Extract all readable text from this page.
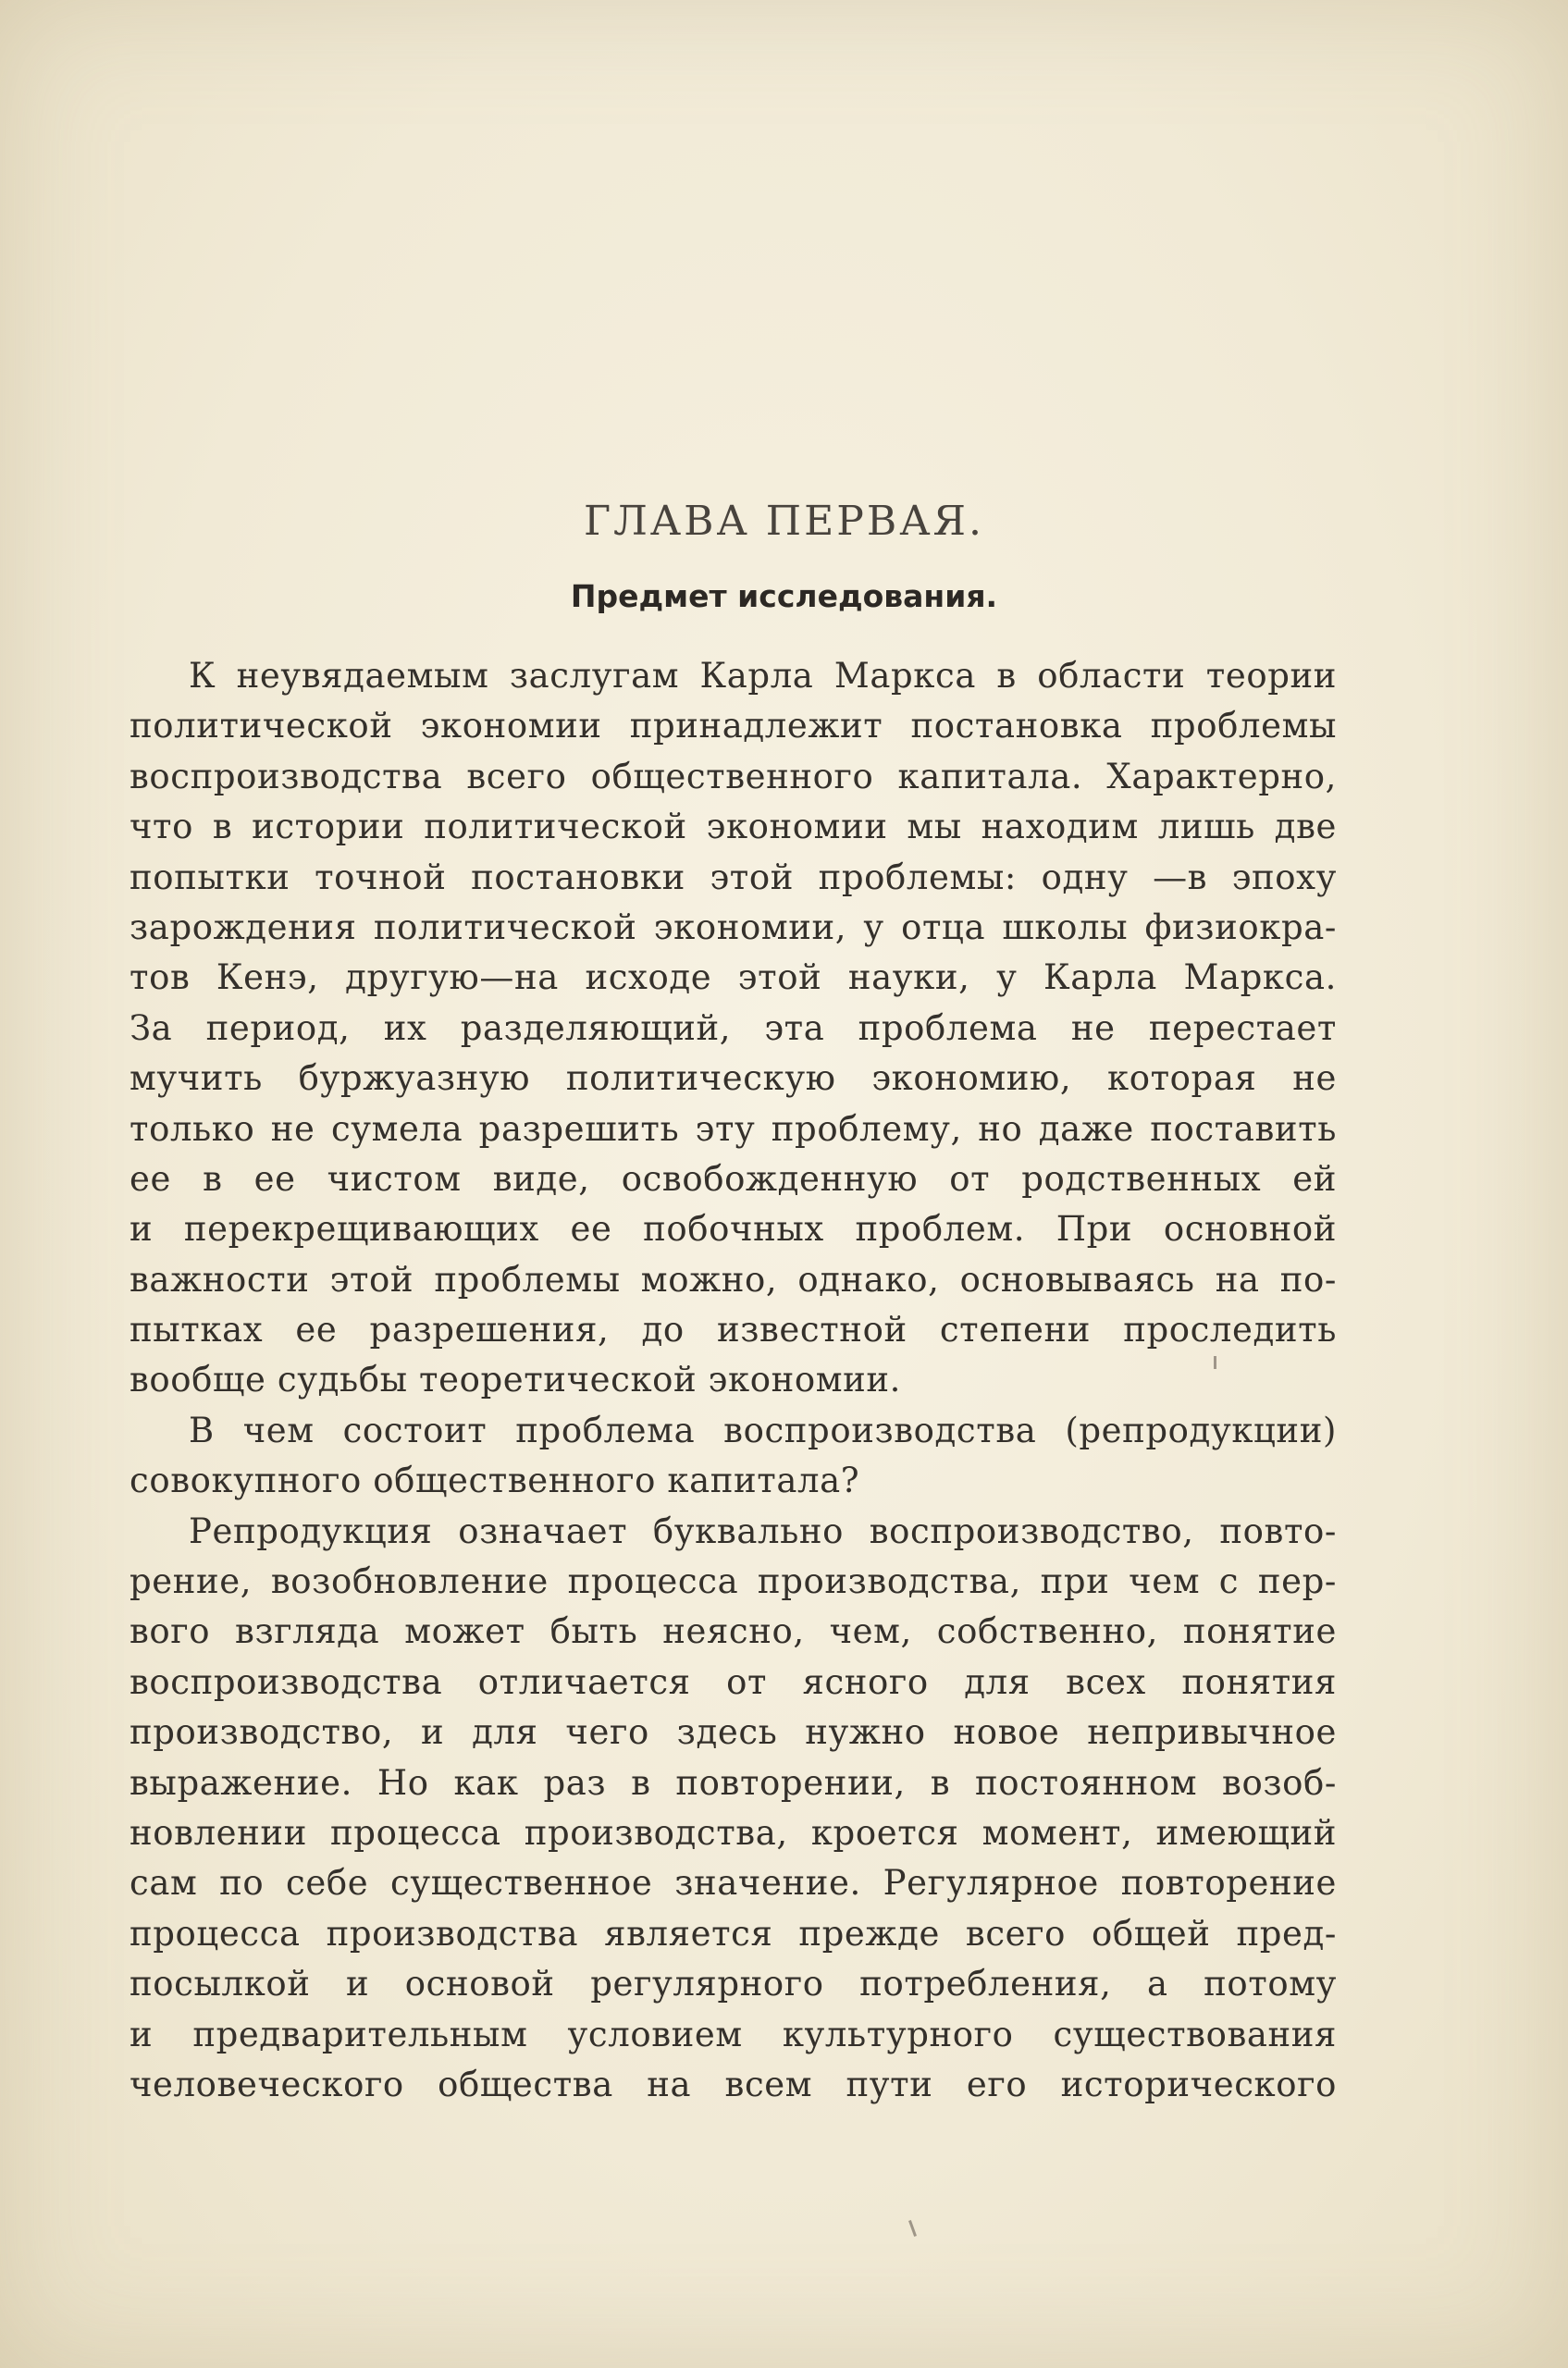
ГЛАВА ПЕРВАЯ.
Предмет исследования.
К неувядаемым заслугам Карла Маркса в области теории
политической экономии принадлежит постановка проблемы
воспроизводства всего общественного капитала. Характерно,
что в истории политической экономии мы находим лишь две
попытки точной постановки этой проблемы: одну —в эпоху
зарождения политической экономии, у отца школы физиокра-
тов Кенэ, другую—на исходе этой науки, у Карла Маркса.
За период, их разделяющий, эта проблема не перестает
мучить буржуазную политическую экономию, которая не
только не сумела разрешить эту проблему, но даже поставить
ее в ее чистом виде, освобожденную от родственных ей
и перекрещивающих ее побочных проблем. При основной
важности этой проблемы можно, однако, основываясь на по-
пытках ее разрешения, до известной степени проследить
вообще судьбы теоретической экономии.
В чем состоит проблема воспроизводства (репродукции)
совокупного общественного капитала?
Репродукция означает буквально воспроизводство, повто-
рение, возобновление процесса производства, при чем с пер-
вого взгляда может быть неясно, чем, собственно, понятие
воспроизводства отличается от ясного для всех понятия
производство, и для чего здесь нужно новое непривычное
выражение. Но как раз в повторении, в постоянном возоб-
новлении процесса производства, кроется момент, имеющий
сам по себе существенное значение. Регулярное повторение
процесса производства является прежде всего общей пред-
посылкой и основой регулярного потребления, а потому
и предварительным условием культурного существования
человеческого общества на всем пути его исторического
